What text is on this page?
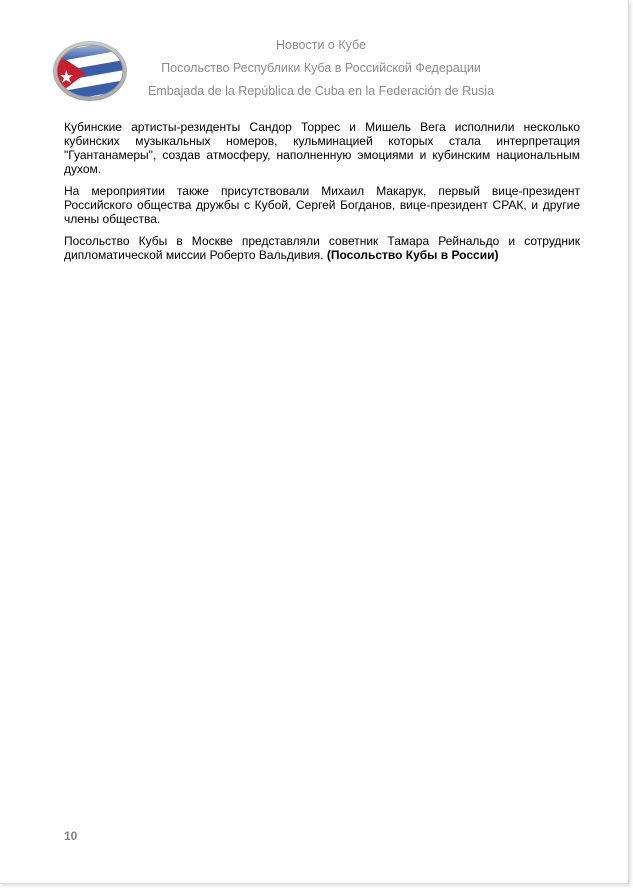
Новости о Кубе
Посольство Республики Куба в Российской Федерации
Embajada de la República de Cuba en la Federación de Rusia

Кубинские артисты-резиденты Сандор Торрес и Мишель Вега исполнили несколько кубинских музыкальных номеров, кульминацией которых стала интерпретация "Гуантанамеры", создав атмосферу, наполненную эмоциями и кубинским национальным духом.

На мероприятии также присутствовали Михаил Макарук, первый вице-президент Российского общества дружбы с Кубой, Сергей Богданов, вице-президент СРАК, и другие члены общества.

Посольство Кубы в Москве представляли советник Тамара Рейнальдо и сотрудник дипломатической миссии Роберто Вальдивия. (Посольство Кубы в России)

10
